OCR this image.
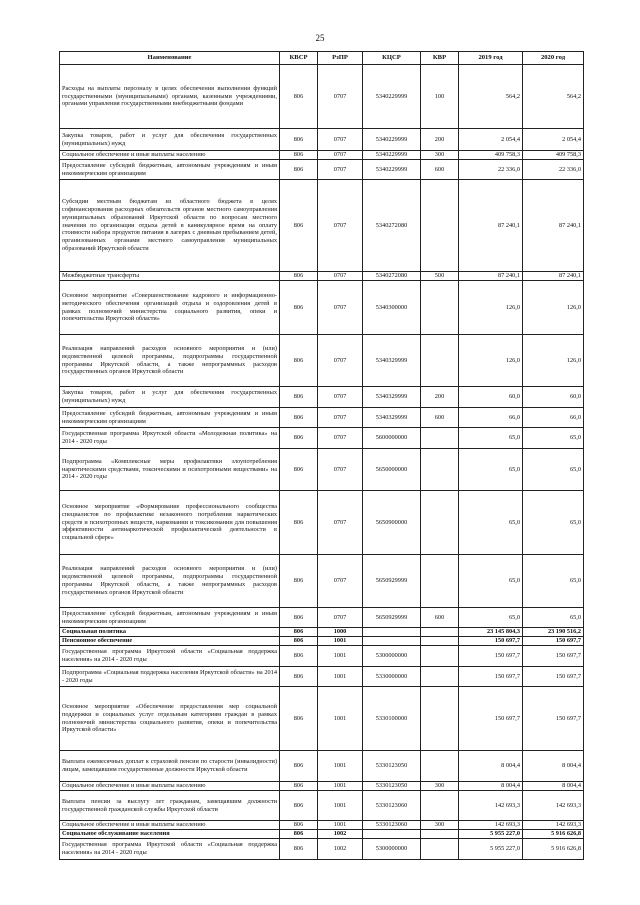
25
Наименование	КВСР	РзПР	КЦСР	КВР	2019 год	2020 год
Расходы на выплаты персоналу в целях обеспечения выполнения функций государственными (муниципальными) органами, казенными учреждениями, органами управления государственными внебюджетными фондами	806	0707	5340229999	100	564,2	564,2
Закупка товаров, работ и услуг для обеспечения государственных (муниципальных) нужд	806	0707	5340229999	200	2 054,4	2 054,4
Социальное обеспечение и иные выплаты населению	806	0707	5340229999	300	409 758,3	409 758,3
Предоставление субсидий бюджетным, автономным учреждениям и иным некоммерческим организациям	806	0707	5340229999	600	22 336,0	22 336,0
Субсидии местным бюджетам из областного бюджета в целях софинансирования расходных обязательств органов местного самоуправления муниципальных образований Иркутской области по вопросам местного значения по организации отдыха детей в каникулярное время на оплату стоимости набора продуктов питания в лагерях с дневным пребыванием детей, организованных органами местного самоуправления муниципальных образований Иркутской области	806	0707	5340272080		87 240,1	87 240,1
Межбюджетные трансферты	806	0707	5340272080	500	87 240,1	87 240,1
Основное мероприятие «Совершенствование кадрового и информационно-методического обеспечения организаций отдыха и оздоровления детей в рамках полномочий министерства социального развития, опеки и попечительства Иркутской области»	806	0707	5340300000		126,0	126,0
Реализация направлений расходов основного мероприятия и (или) ведомственной целевой программы, подпрограммы государственной программы Иркутской области, а также непрограммных расходов государственных органов Иркутской области	806	0707	5340329999		126,0	126,0
Закупка товаров, работ и услуг для обеспечения государственных (муниципальных) нужд	806	0707	5340329999	200	60,0	60,0
Предоставление субсидий бюджетным, автономным учреждениям и иным некоммерческим организациям	806	0707	5340329999	600	66,0	66,0
Государственная программа Иркутской области «Молодежная политика» на 2014 - 2020 годы	806	0707	5600000000		65,0	65,0
Подпрограмма «Комплексные меры профилактики злоупотребления наркотическими средствами, токсическими и психотропными веществами» на 2014 - 2020 годы	806	0707	5650000000		65,0	65,0
Основное мероприятие «Формирование профессионального сообщества специалистов по профилактике незаконного потребления наркотических средств и психотропных веществ, наркомании и токсикомании для повышения эффективности антинаркотической профилактической деятельности в социальной сфере»	806	0707	5650900000		65,0	65,0
Реализация направлений расходов основного мероприятия и (или) ведомственной целевой программы, подпрограммы государственной программы Иркутской области, а также непрограммных расходов государственных органов Иркутской области	806	0707	5650929999		65,0	65,0
Предоставление субсидий бюджетным, автономным учреждениям и иным некоммерческим организациям	806	0707	5650929999	600	65,0	65,0
Социальная политика	806	1000			23 145 804,3	23 190 516,2
Пенсионное обеспечение	806	1001			150 697,7	150 697,7
Государственная программа Иркутской области «Социальная поддержка населения» на 2014 - 2020 годы	806	1001	5300000000		150 697,7	150 697,7
Подпрограмма «Социальная поддержка населения Иркутской области» на 2014 - 2020 годы	806	1001	5330000000		150 697,7	150 697,7
Основное мероприятие «Обеспечение предоставления мер социальной поддержки и социальных услуг отдельным категориям граждан в рамках полномочий министерства социального развития, опеки и попечительства Иркутской области»	806	1001	5330100000		150 697,7	150 697,7
Выплата ежемесячных доплат к страховой пенсии по старости (инвалидности) лицам, замещавшим государственные должности Иркутской области	806	1001	5330123050		8 004,4	8 004,4
Социальное обеспечение и иные выплаты населению	806	1001	5330123050	300	8 004,4	8 004,4
Выплата пенсии за выслугу лет гражданам, замещавшим должности государственной гражданской службы Иркутской области	806	1001	5330123060		142 693,3	142 693,3
Социальное обеспечение и иные выплаты населению	806	1001	5330123060	300	142 693,3	142 693,3
Социальное обслуживание населения	806	1002			5 955 227,0	5 916 626,8
Государственная программа Иркутской области «Социальная поддержка населения» на 2014 - 2020 годы	806	1002	5300000000		5 955 227,0	5 916 626,8
